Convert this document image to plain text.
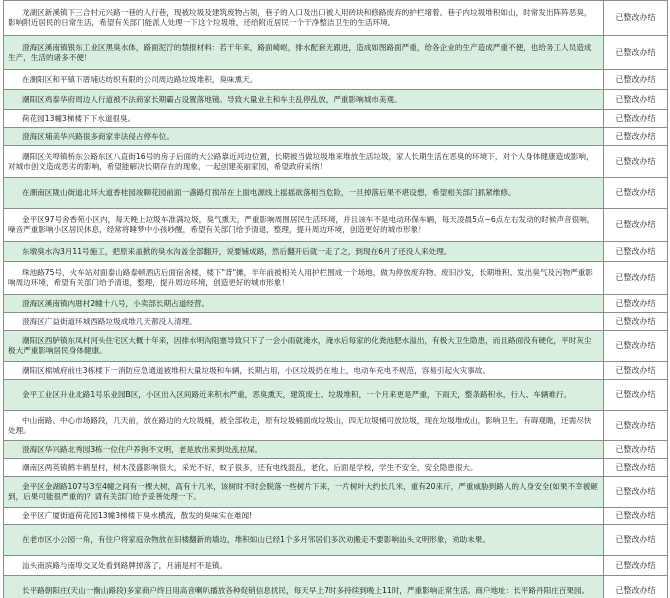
龙湖区新溪镇下三合村元兴路一巷的人行巷，现被垃圾及建筑废物占领，巷子的入口及出口被人用砖块和修路废弃的护栏堵着。巷子内垃圾堆积如山，时常发出阵阵恶臭，影响附近居民的日常生活，希望有关部门能派人处理一下这个垃圾堆，还给附近居民一个干净整洁卫生的生活环境。	已整改办结
澄海区溪南镇银东工业区黑臭水体，路面泥泞的禁报材料：若干年来，路面崎岖，排水配套无跟进，造成如图路面严重，给各企业的生产造成严重不便，也给务工人员造成生产，生活的诸多不便！	已整改办结
在潮阳区和平镇下厝埔达纺织有限的公司周边路垃圾堆积，臭味熏天。	已整改办结
潮阳区鸡泰华府周边人行道被不法商家长期霸占设置落地镜。导致大量业主和车主乱停乱放，严重影响城市美观。	已整改办结
荷花园13幢3梯楼下下水道很臭。	已整改办结
澄海区埔美华兴路很多商家非法侵占停车位。	已整改办结
潮阳区关埠镇桥东公路东区八直街16号的房子后面的大公路靠近河边位置，长期被当做垃圾堆来堆放生活垃圾，家人长期生活在恶臭的环境下，对个人身体健康造成影响，对城市创文造成恶劣的影响，希望能解决长期存在的现象，一起创建美丽家园，希望政府采纳！	已整改办结
在潮南区陇山街道北环大道香桂园竣聊花园前面一盏路灯损吊在上面电源线上摇摇欲落相当危险，一旦掉落后果不堪设想，希望相关部门抓紧维修。	已整改办结
金平区97号舍香苑小区内，每天晚上垃圾车准满垃圾，臭气熏天，严重影响周围居民生活环境，并且该车不是电动环保车辆，每天凌晨5点~6点左右发动的时候声音很响，噪音严重影响小区居民休息，经常将睡梦中小孩吵醒，希望有关部门给予清退，整理，提升周边环境，创造更好的城市形象！	已整改办结
东墩臭水沟3月11号施工，把原来盖掀的臭水沟盖全部翻开，说要铺成路，然后翻开后就一走了之，到现在6月了还没人来处理。	已整改办结
珠池路75号，火车站对面泰山路泰顿酒店后面宿舍楼，楼下"背"摊，半年前被相关人用护栏围成一个场地，做为停放废弃物、废旧沙发，长期堆积、发出臭气及污物严重影响周边环境，希望有关部门给予清退，整理，提升周边环境，创造更好的城市形象！	已整改办结
澄海区溪南镇内厝村2幢十八号，小卖部长期占道经营。	已整改办结
澄海区广益街道环城西路垃圾成堆几天都没人清理。	已整改办结
潮阳区西胪镇东凤村河头住宅区大概十年来，因排水明沟阻塞导致只下了一会小雨就淹水，淹水后每家的化粪池肥水溢出，有极大卫生隐患，而且路面没有硬化，平时灰尘极大严重影响居民身体健康。	已整改办结
潮阳区棉城府前庄3栋楼下一消防应急通道被堆积大量垃圾和车辆，长期占用，小区垃圾扔在地上，电动车充电不规范，容易引起火灾事故。	已整改办结
金平工业区升业北路1号乐业园B区，小区出入区间路近来积水严重，恶臭熏天，建筑废土、垃圾堆积，一个月来更是严重，下雨天，整条路积水，行人、车辆难行。	已整改办结
中山南路、中心市场路段，几天前，放在路边的大垃圾桶，被全部收走，原有垃圾桶面成垃圾山，四无垃圾桶可放垃圾，现在垃圾堆成山，影响卫生。有碍观瞻，还需尽快处理。	已整改办结
澄海区华兴路北秀园3栋一位住户养狗不文明，老是放出来到处乱拉屎。	已整改办结
潮南区两英镇鹤丰鹤星村，树木茂盛影响很大，采光不好，蚊子很多，还有电线混乱，老化，后面是学校，学生不安全，安全隐患很大。	已整改办结
金平区金湖路107号3至4幢之间有一棵大树，高有十几米，该树时不时会脱落一些树片下来，一片树叶大约长几米，重有20来斤，严重威胁到路人的人身安全(如果不幸被砸到，后果可能很严重的)？请有关部门给予妥善处理一下。	已整改办结
金平区广厦街道荷花园13幢3梯楼下臭水横流，散发的臭味实在难闻!	已整改办结
在老市区小公园一角，有住户将家庭杂物放在旧楼翻新的墙边，堆积如山已经1个多月邻居们多次劝搬走不要影响汕头文明形象，劝助未果。	已整改办结
汕头南滨路与南埠交叉处看到路牌掉落了，月浦是村不是镇。	已整改办结
长平路朝阳庄(天山一衡山路段)多家商户终日用高音喇叭播放各种促销信息扰民，每天早上7时多持续到晚上11时，严重影响正常生活。商户地址：长平路丹阳庄百果园。	已整改办结
